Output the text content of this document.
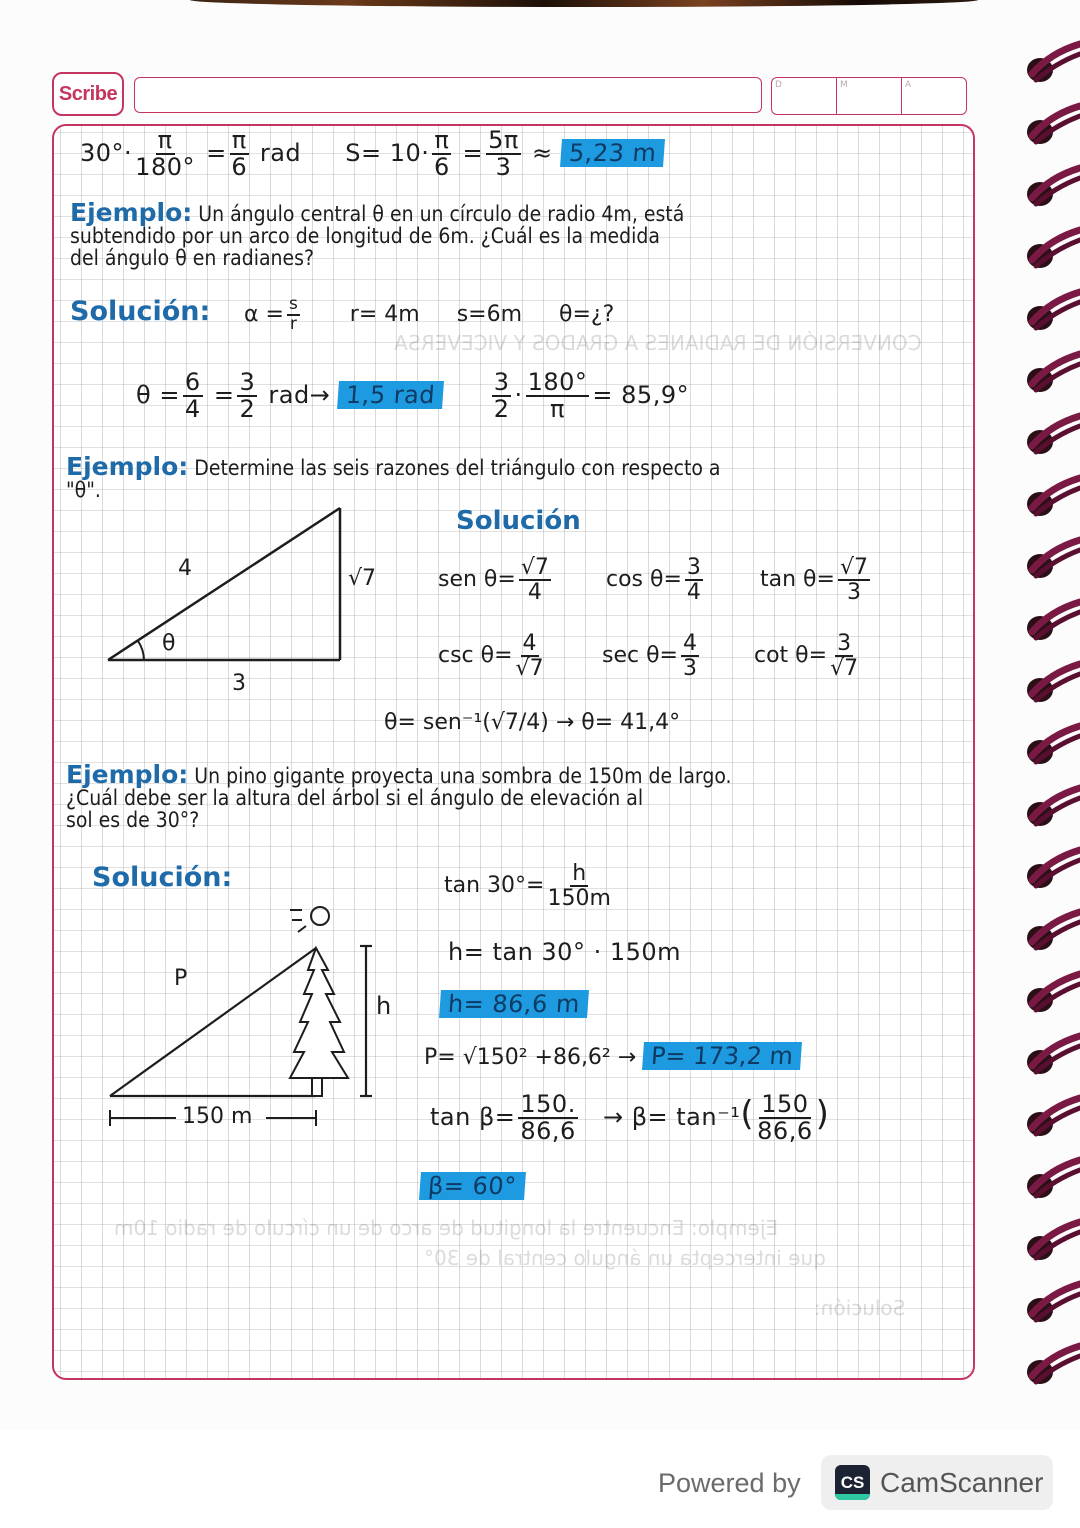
Scribe	D	M	A
CONVERSIÓN DE RADIANES A GRADOS Y VICEVERSA
Ejemplo: Encuentre la longitud de arco de un círculo de radio 10m
que intercepta un ángulo central de 30°
Solución:
$30^\circ\cdot \frac{\pi}{180^\circ} = \frac{\pi}{6}$ rad $S= 10\cdot \frac{\pi}{6} = \frac{5\pi}{3} \approx 5,23$ m
Ejemplo: Un ángulo central θ en un círculo de radio 4m, está
subtendido por un arco de longitud de 6m. ¿Cuál es la medida
del ángulo θ en radianes?
Solución: $\alpha = \frac{s}{r} r= 4m$ s=6m θ=¿?
$\theta = \frac{6}{4} = \frac{3}{2} rad\to 1,5$ rad $\frac{3}{2} \cdot \frac{180^\circ}{\pi} = 85,9^\circ$
Ejemplo: Determine las seis razones del triángulo con respecto a
"θ".
4	√7
3
θ
Solución
sen $\theta= \frac{√7}{4}$	$\cos \theta= \frac{3}{4}$	$\tan \theta= \frac{√7}{3}$
$\csc \theta= \frac{4}{√7}$	$\sec \theta= \frac{4}{3}$	$\cot \theta= \frac{3}{√7}$
θ= sen⁻¹(√7/4) → θ= 41,4°
Ejemplo: Un pino gigante proyecta una sombra de 150m de largo.
¿Cuál debe ser la altura del árbol si el ángulo de elevación al
sol es de 30°?
Solución:	$\tan 30^\circ= \frac{h}{150m}$
P
h
150 m
h= tan 30° · 150m
h= 86,6 m
P= √150² +86,6² → P= 173,2 m
$\tan \beta= \frac{150.}{86,6} \to \beta= \tan^{-1}( \frac{150}{86,6}$ )
β= 60°
Powered by	CS CamScanner
